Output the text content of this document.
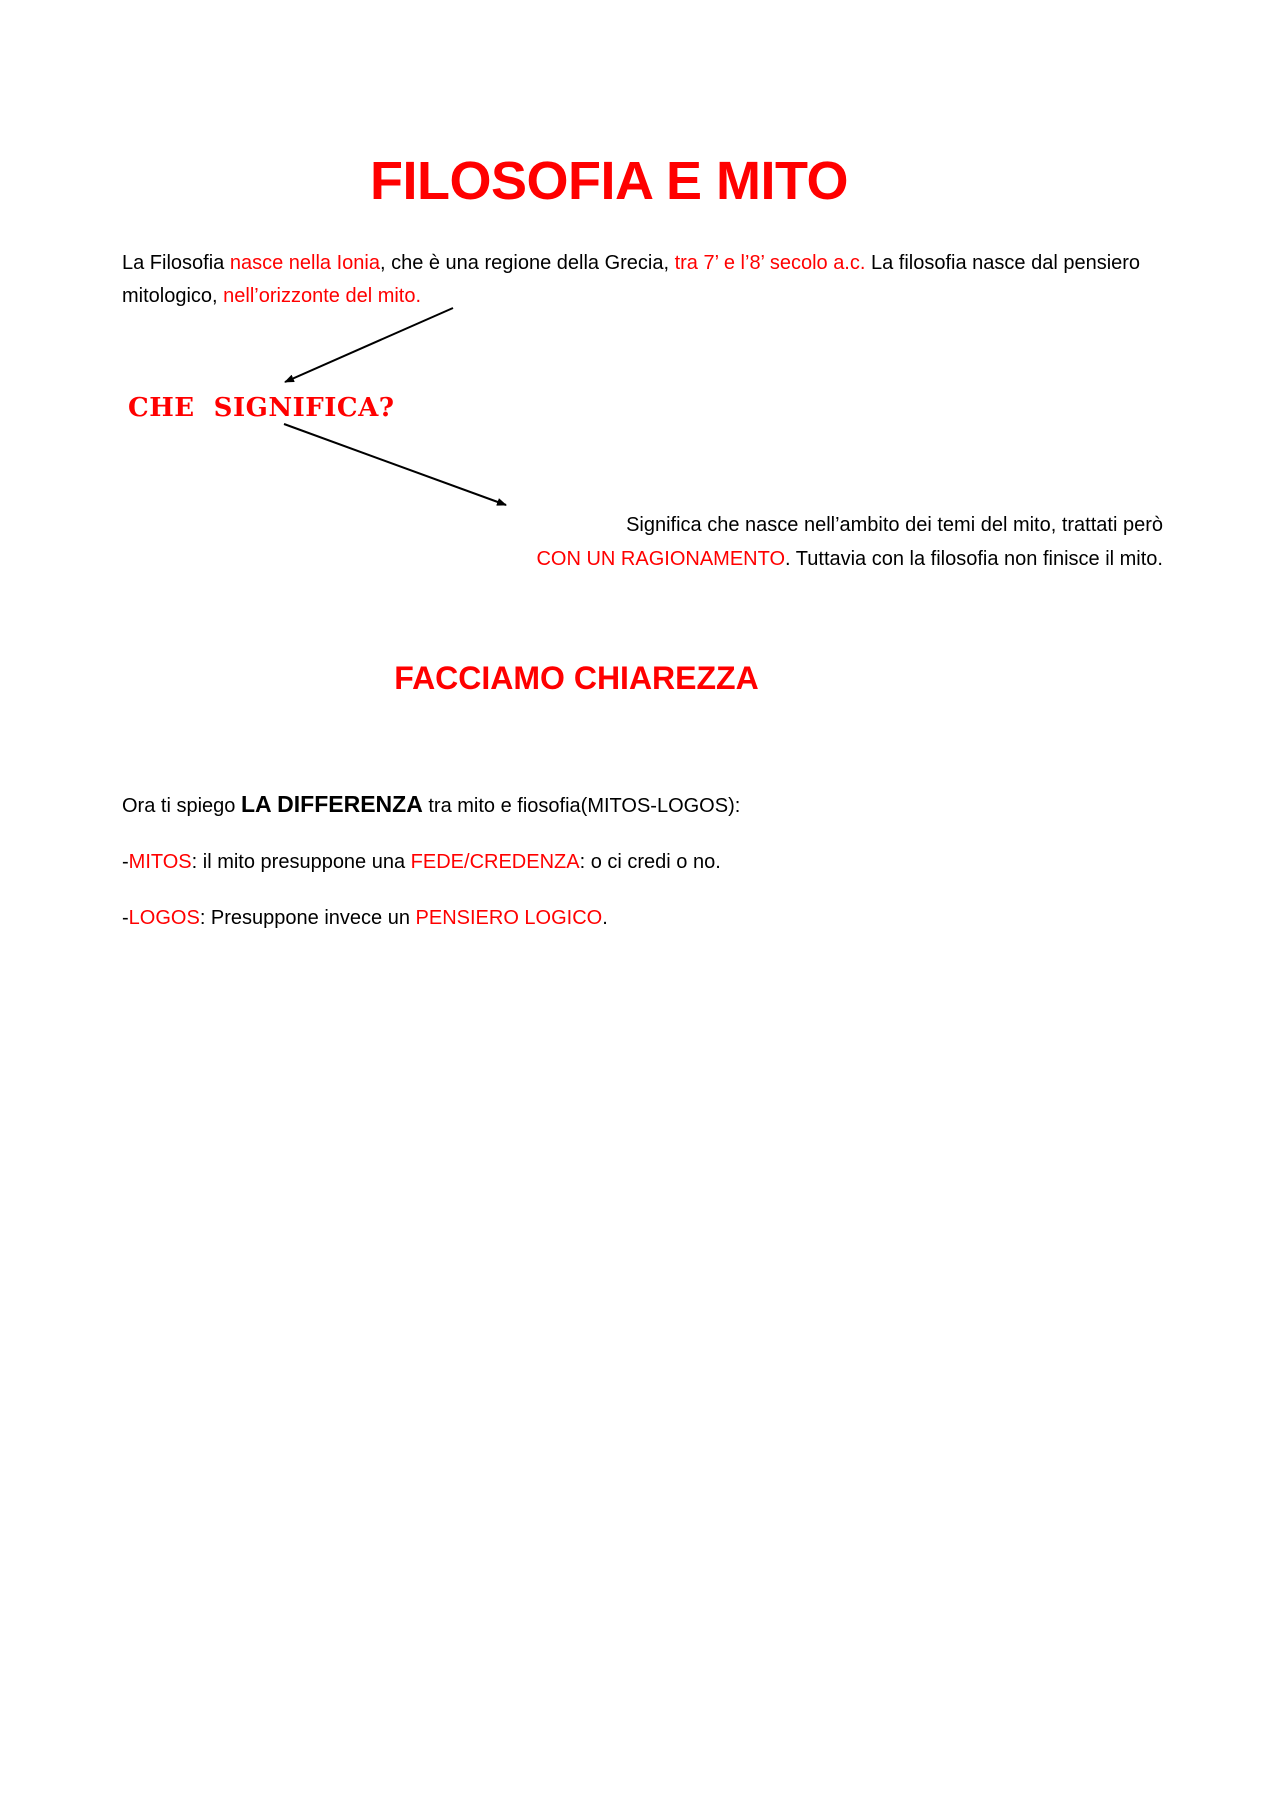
FILOSOFIA E MITO

La Filosofia nasce nella Ionia, che è una regione della Grecia, tra 7’ e l’8’ secolo a.c. La filosofia nasce dal pensiero mitologico, nell’orizzonte del mito.

CHE  SIGNIFICA?

Significa che nasce nell’ambito dei temi del mito, trattati però
CON UN RAGIONAMENTO. Tuttavia con la filosofia non finisce il mito.

FACCIAMO CHIAREZZA

Ora ti spiego LA DIFFERENZA tra mito e fiosofia(MITOS-LOGOS):

-MITOS: il mito presuppone una FEDE/CREDENZA: o ci credi o no.

-LOGOS: Presuppone invece un PENSIERO LOGICO.
